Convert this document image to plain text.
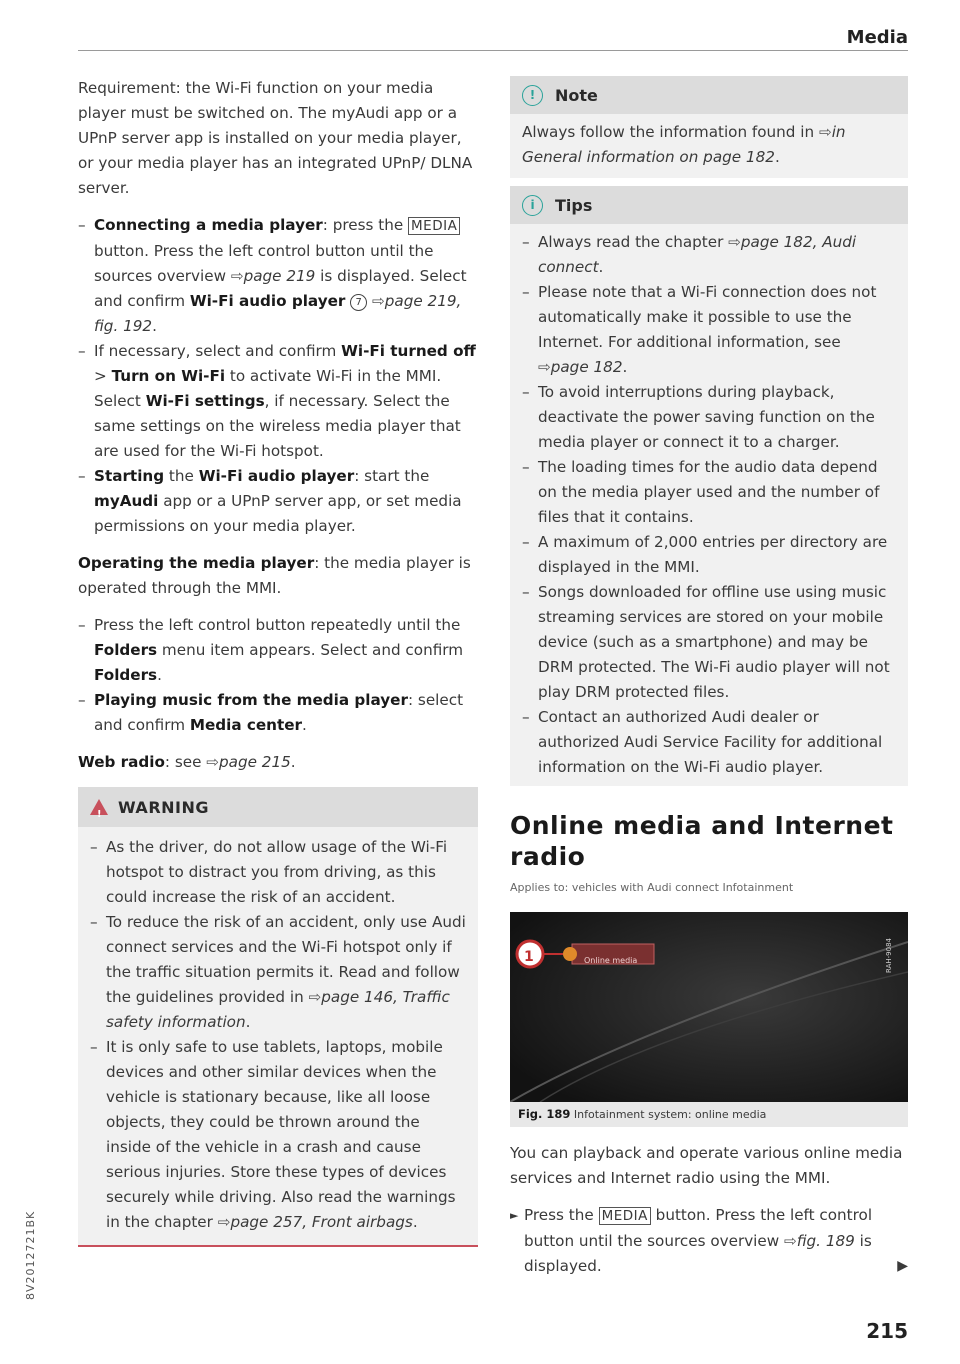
Media

Requirement: the Wi-Fi function on your media player must be switched on. The myAudi app or a UPnP server app is installed on your media player, or your media player has an integrated UPnP/ DLNA server.

– Connecting a media player: press the MEDIA button. Press the left control button until the sources overview ⇨page 219 is displayed. Select and confirm Wi-Fi audio player 7 ⇨page 219, fig. 192.
– If necessary, select and confirm Wi-Fi turned off > Turn on Wi-Fi to activate Wi-Fi in the MMI. Select Wi-Fi settings, if necessary. Select the same settings on the wireless media player that are used for the Wi-Fi hotspot.
– Starting the Wi-Fi audio player: start the myAudi app or a UPnP server app, or set media permissions on your media player.

Operating the media player: the media player is operated through the MMI.

– Press the left control button repeatedly until the Folders menu item appears. Select and confirm Folders.
– Playing music from the media player: select and confirm Media center.

Web radio: see ⇨page 215.

! WARNING
– As the driver, do not allow usage of the Wi-Fi hotspot to distract you from driving, as this could increase the risk of an accident.
– To reduce the risk of an accident, only use Audi connect services and the Wi-Fi hotspot only if the traffic situation permits it. Read and follow the guidelines provided in ⇨page 146, Traffic safety information.
– It is only safe to use tablets, laptops, mobile devices and other similar devices when the vehicle is stationary because, like all loose objects, they could be thrown around the inside of the vehicle in a crash and cause serious injuries. Store these types of devices securely while driving. Also read the warnings in the chapter ⇨page 257, Front airbags.
!	Note
Always follow the information found in ⇨in General information on page 182.
i	Tips
– Always read the chapter ⇨page 182, Audi connect.
– Please note that a Wi-Fi connection does not automatically make it possible to use the Internet. For additional information, see ⇨page 182.
– To avoid interruptions during playback, deactivate the power saving function on the media player or connect it to a charger.
– The loading times for the audio data depend on the media player used and the number of files that it contains.
– A maximum of 2,000 entries per directory are displayed in the MMI.
– Songs downloaded for offline use using music streaming services are stored on your mobile device (such as a smartphone) and may be DRM protected. The Wi-Fi audio player will not play DRM protected files.
– Contact an authorized Audi dealer or authorized Audi Service Facility for additional information on the Wi-Fi audio player.
Online media and Internet radio
Applies to: vehicles with Audi connect Infotainment
1	Online media	RAH-9084
Fig. 189 Infotainment system: online media

You can playback and operate various online media services and Internet radio using the MMI.

► Press the MEDIA button. Press the left control button until the sources overview ⇨fig. 189 is displayed.	▶

8V2012721BK
215
